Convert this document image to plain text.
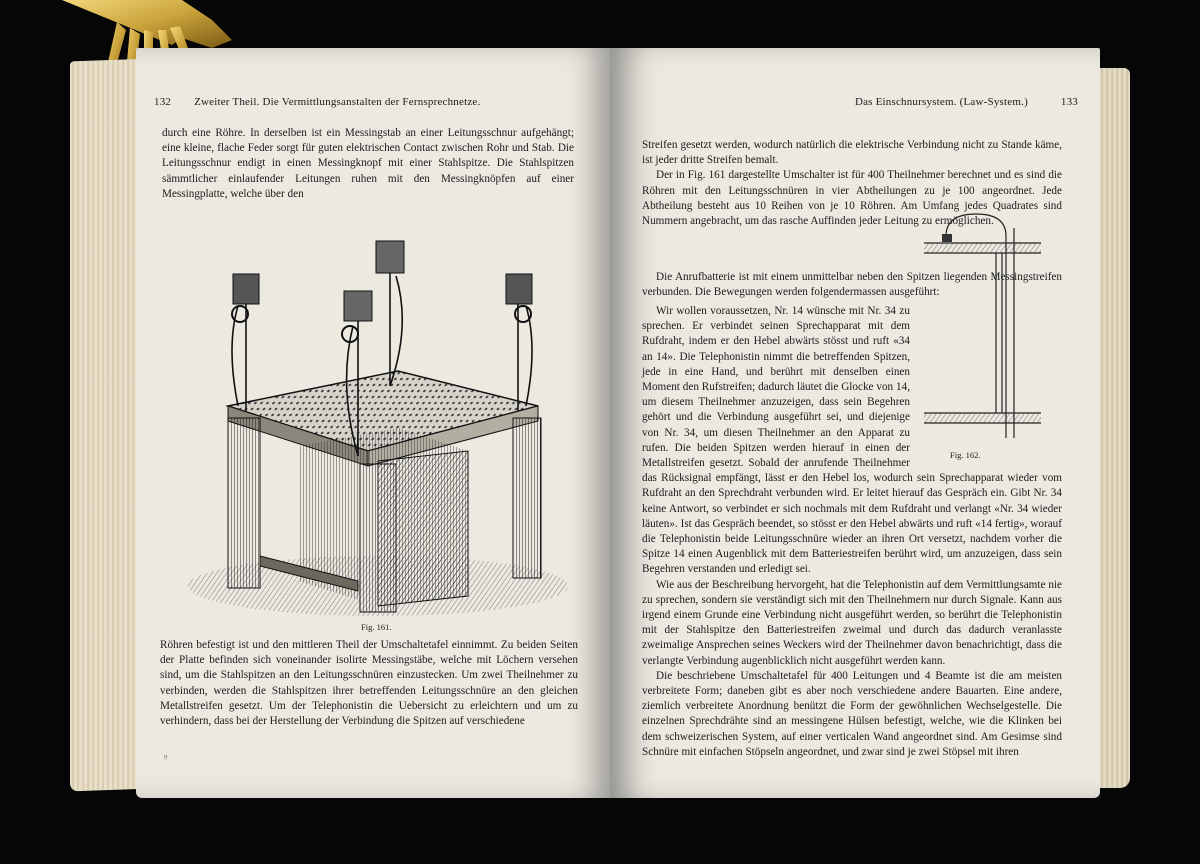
132 Zweiter Theil. Die Vermittlungsanstalten der Fernsprechnetze.

durch eine Röhre. In derselben ist ein Messingstab an einer Leitungsschnur aufgehängt; eine kleine, flache Feder sorgt für guten elektrischen Contact zwischen Rohr und Stab. Die Leitungsschnur endigt in einen Messingknopf mit einer Stahlspitze. Die Stahlspitzen sämmtlicher einlaufender Leitungen ruhen mit den Messingknöpfen auf einer Messingplatte, welche über den

Fig. 161.

Röhren befestigt ist und den mittleren Theil der Umschaltetafel einnimmt. Zu beiden Seiten der Platte befinden sich voneinander isolirte Messingstäbe, welche mit Löchern versehen sind, um die Stahlspitzen an den Leitungsschnüren einzustecken. Um zwei Theilnehmer zu verbinden, werden die Stahlspitzen ihrer betreffenden Leitungsschnüre an den gleichen Metallstreifen gesetzt. Um der Telephonistin die Uebersicht zu erleichtern und um zu verhindern, dass bei der Herstellung der Verbindung die Spitzen auf verschiedene

ᴉᴉ
Das Einschnursystem. (Law-System.)	133

Streifen gesetzt werden, wodurch natürlich die elektrische Verbindung nicht zu Stande käme, ist jeder dritte Streifen bemalt.

Der in Fig. 161 dargestellte Umschalter ist für 400 Theilnehmer berechnet und es sind die Röhren mit den Leitungsschnüren in vier Abtheilungen zu je 100 angeordnet. Jede Abtheilung besteht aus 10 Reihen von je 10 Röhren. Am Umfang jedes Quadrates sind Nummern angebracht, um das rasche Auffinden jeder Leitung zu ermöglichen.

Die Anrufbatterie ist mit einem unmittelbar neben den Spitzen liegenden Messingstreifen verbunden. Die Bewegungen werden folgendermassen ausgeführt:

Fig. 162.

Wir wollen voraussetzen, Nr. 14 wünsche mit Nr. 34 zu sprechen. Er verbindet seinen Sprechapparat mit dem Rufdraht, indem er den Hebel abwärts stösst und ruft «34 an 14». Die Telephonistin nimmt die betreffenden Spitzen, jede in eine Hand, und berührt mit denselben einen Moment den Rufstreifen; dadurch läutet die Glocke von 14, um diesem Theilnehmer anzuzeigen, dass sein Begehren gehört und die Verbindung ausgeführt sei, und diejenige von Nr. 34, um diesen Theilnehmer an den Apparat zu rufen. Die beiden Spitzen werden hierauf in einen der Metallstreifen gesetzt. Sobald der anrufende Theilnehmer das Rücksignal empfängt, lässt er den Hebel los, wodurch sein Sprechapparat wieder vom Rufdraht an den Sprechdraht verbunden wird. Er leitet hierauf das Gespräch ein. Gibt Nr. 34 keine Antwort, so verbindet er sich nochmals mit dem Rufdraht und verlangt «Nr. 34 wieder läuten». Ist das Gespräch beendet, so stösst er den Hebel abwärts und ruft «14 fertig», worauf die Telephonistin beide Leitungsschnüre wieder an ihren Ort versetzt, nachdem vorher die Spitze 14 einen Augenblick mit dem Batteriestreifen berührt wird, um anzuzeigen, dass sein Begehren verstanden und erledigt sei.

Wie aus der Beschreibung hervorgeht, hat die Telephonistin auf dem Vermittlungsamte nie zu sprechen, sondern sie verständigt sich mit den Theilnehmern nur durch Signale. Kann aus irgend einem Grunde eine Verbindung nicht ausgeführt werden, so berührt die Telephonistin mit der Stahlspitze den Batteriestreifen zweimal und durch das dadurch veranlasste zweimalige Ansprechen seines Weckers wird der Theilnehmer davon benachrichtigt, dass die verlangte Verbindung augenblicklich nicht ausgeführt werden kann.

Die beschriebene Umschaltetafel für 400 Leitungen und 4 Beamte ist die am meisten verbreitete Form; daneben gibt es aber noch verschiedene andere Bauarten. Eine andere, ziemlich verbreitete Anordnung benützt die Form der gewöhnlichen Wechselgestelle. Die einzelnen Sprechdrähte sind an messingene Hülsen befestigt, welche, wie die Klinken bei dem schweizerischen System, auf einer verticalen Wand angeordnet sind. Am Gesimse sind Schnüre mit einfachen Stöpseln angeordnet, und zwar sind je zwei Stöpsel mit ihren
